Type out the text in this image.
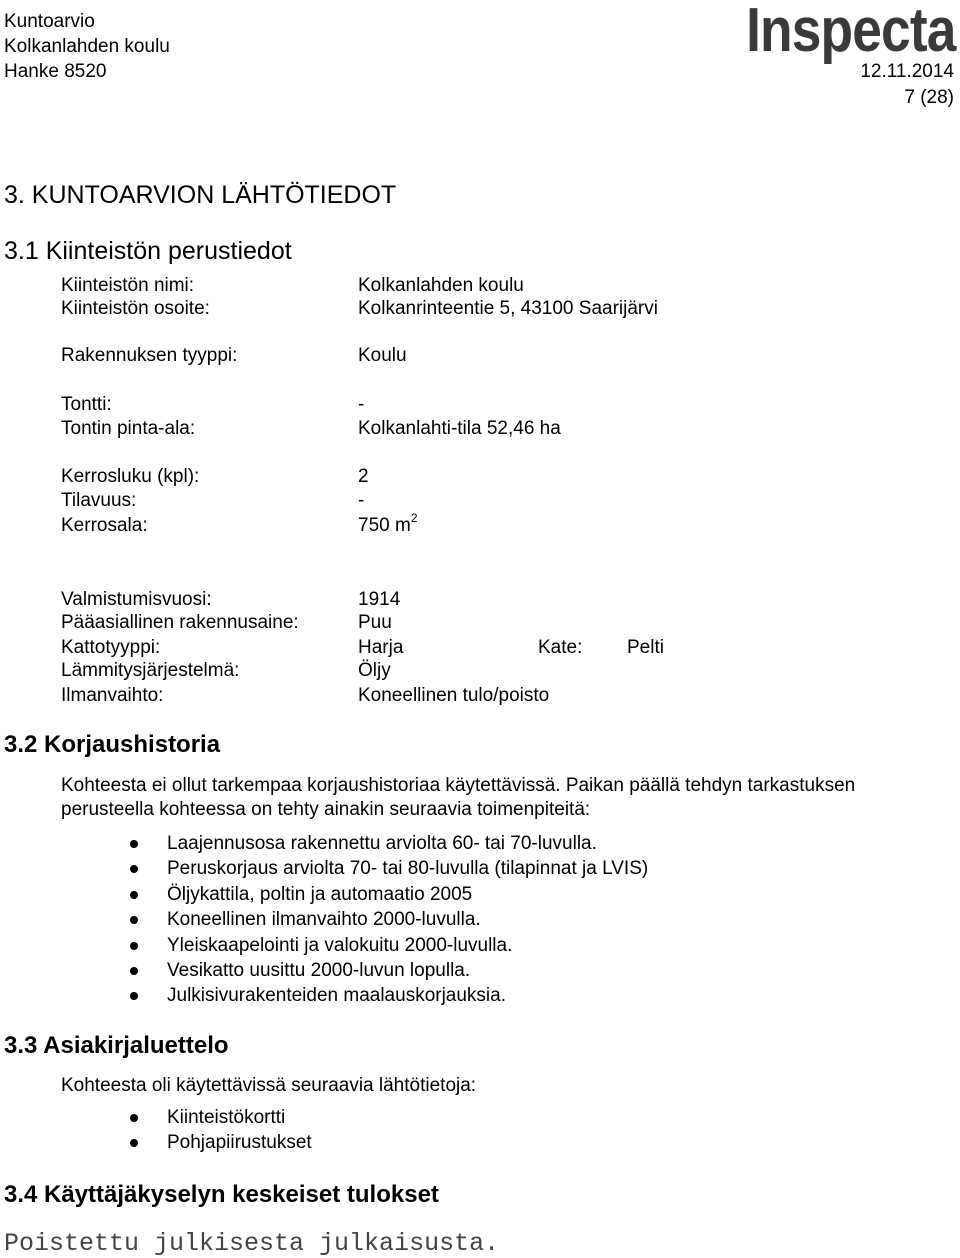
Kuntoarvio
Kolkanlahden koulu
Hanke 8520	12.11.2014
7 (28)
Inspecta
3. KUNTOARVION LÄHTÖTIEDOT
3.1 Kiinteistön perustiedot
Kiinteistön nimi:	Kolkanlahden koulu
Kiinteistön osoite:	Kolkanrinteentie 5, 43100 Saarijärvi
Rakennuksen tyyppi:	Koulu
Tontti:	-
Tontin pinta-ala:	Kolkanlahti-tila 52,46 ha
Kerrosluku (kpl):	2
Tilavuus:	-
Kerrosala:	750 $m^2$
Valmistumisvuosi:	1914
Pääasiallinen rakennusaine:	Puu
Kattotyyppi:	Harja	Kate: Pelti
Lämmitysjärjestelmä:	Öljy
Ilmanvaihto:	Koneellinen tulo/poisto
3.2 Korjaushistoria
Kohteesta ei ollut tarkempaa korjaushistoriaa käytettävissä. Paikan päällä tehdyn tarkastuksen
perusteella kohteessa on tehty ainakin seuraavia toimenpiteitä:
Laajennusosa rakennettu arviolta 60- tai 70-luvulla.
Peruskorjaus arviolta 70- tai 80-luvulla (tilapinnat ja LVIS)
Öljykattila, poltin ja automaatio 2005
Koneellinen ilmanvaihto 2000-luvulla.
Yleiskaapelointi ja valokuitu 2000-luvulla.
Vesikatto uusittu 2000-luvun lopulla.
Julkisivurakenteiden maalauskorjauksia.
3.3 Asiakirjaluettelo
Kohteesta oli käytettävissä seuraavia lähtötietoja:
Kiinteistökortti
Pohjapiirustukset
3.4 Käyttäjäkyselyn keskeiset tulokset
Poistettu julkisesta julkaisusta.
